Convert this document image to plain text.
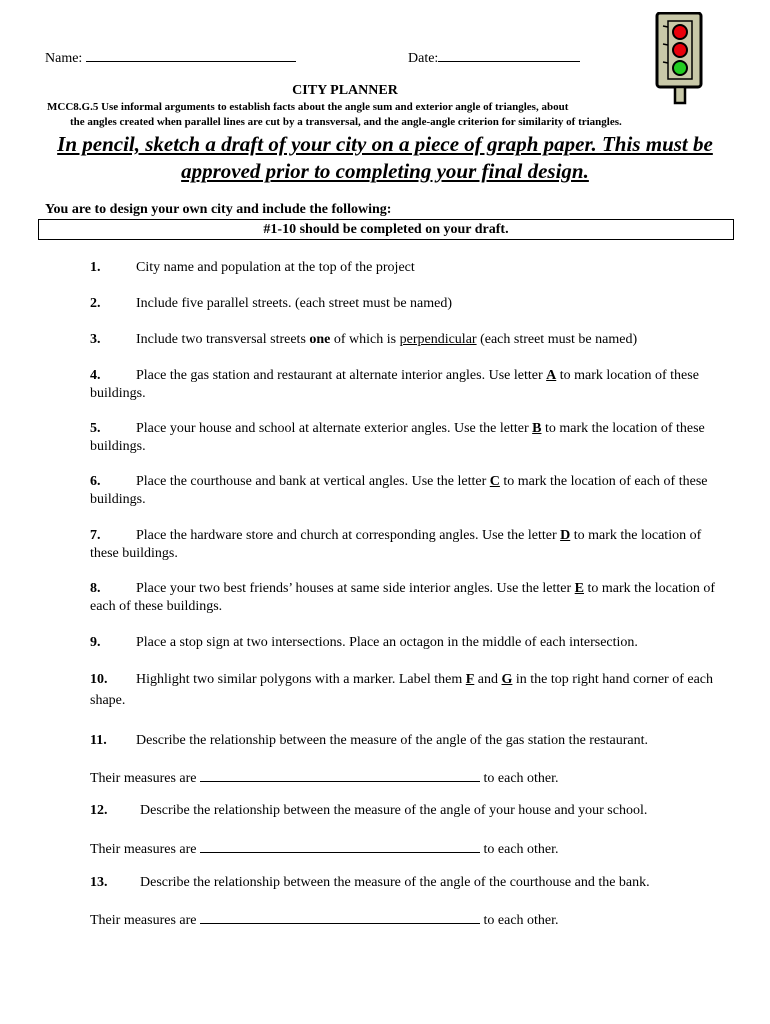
Name:	Date:
CITY PLANNER
MCC8.G.5 Use informal arguments to establish facts about the angle sum and exterior angle of triangles, about
the angles created when parallel lines are cut by a transversal, and the angle-angle criterion for similarity of triangles.
In pencil, sketch a draft of your city on a piece of graph paper. This must be approved prior to completing your final design.
You are to design your own city and include the following:
#1-10 should be completed on your draft.
1.	City name and population at the top of the project
2.	Include five parallel streets. (each street must be named)
3.	Include two transversal streets one of which is perpendicular (each street must be named)
4.	Place the gas station and restaurant at alternate interior angles. Use letter A to mark location of these buildings.
5.	Place your house and school at alternate exterior angles. Use the letter B to mark the location of these buildings.
6.	Place the courthouse and bank at vertical angles. Use the letter C to mark the location of each of these buildings.
7.	Place the hardware store and church at corresponding angles. Use the letter D to mark the location of these buildings.
8.	Place your two best friends’ houses at same side interior angles. Use the letter E to mark the location of each of these buildings.
9.	Place a stop sign at two intersections. Place an octagon in the middle of each intersection.
10. Highlight two similar polygons with a marker. Label them F and G in the top right hand corner of each shape.
11. Describe the relationship between the measure of the angle of the gas station the restaurant.
Their measures are	to each other.
12. Describe the relationship between the measure of the angle of your house and your school.
Their measures are	to each other.
13. Describe the relationship between the measure of the angle of the courthouse and the bank.
Their measures are	to each other.
